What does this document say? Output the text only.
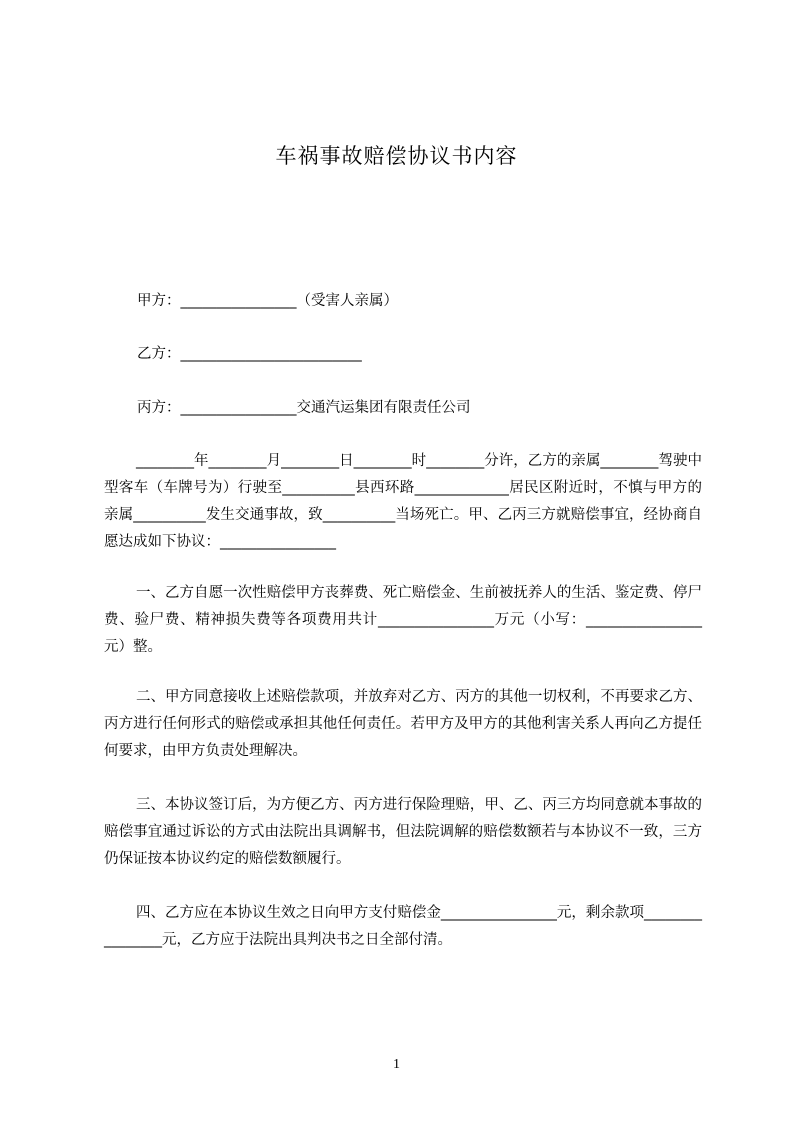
车祸事故赔偿协议书内容
甲方：________________（受害人亲属）
乙方：_________________________
丙方：________________交通汽运集团有限责任公司

________年________月________日________时________分许，乙方的亲属________驾驶中型客车（车牌号为）行驶至__________县西环路_____________居民区附近时，不慎与甲方的亲属__________发生交通事故，致__________当场死亡。甲、乙丙三方就赔偿事宜，经协商自愿达成如下协议：________________

一、乙方自愿一次性赔偿甲方丧葬费、死亡赔偿金、生前被抚养人的生活、鉴定费、停尸费、验尸费、精神损失费等各项费用共计________________万元（小写：________________元）整。

二、甲方同意接收上述赔偿款项，并放弃对乙方、丙方的其他一切权利，不再要求乙方、丙方进行任何形式的赔偿或承担其他任何责任。若甲方及甲方的其他利害关系人再向乙方提任何要求，由甲方负责处理解决。

三、本协议签订后，为方便乙方、丙方进行保险理赔，甲、乙、丙三方均同意就本事故的赔偿事宜通过诉讼的方式由法院出具调解书，但法院调解的赔偿数额若与本协议不一致，三方仍保证按本协议约定的赔偿数额履行。

四、乙方应在本协议生效之日向甲方支付赔偿金________________元，剩余款项________________元，乙方应于法院出具判决书之日全部付清。

1
